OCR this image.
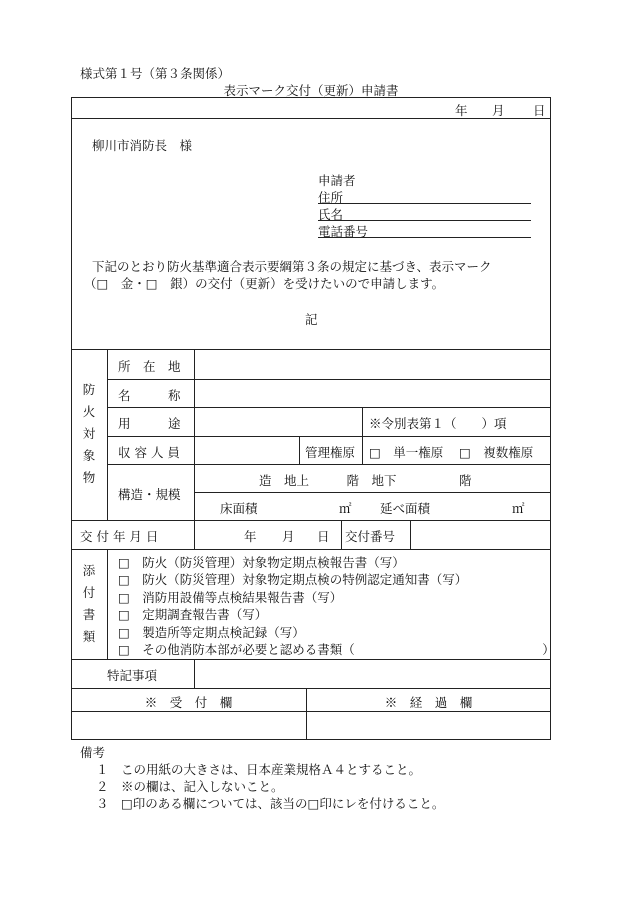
様式第１号（第３条関係）
表示マーク交付（更新）申請書
年 月 日
柳川市消防長　様
申請者
住所
氏名
電話番号
下記のとおり防火基準適合表示要綱第３条の規定に基づき、表示マーク
（□　金・□　銀）の交付（更新）を受けたいので申請します。
記
防
火
対
象
物
所　在　地
名　　　称
用　　　途	※令別表第１（　　）項
収 容 人 員	管理権原 □　単一権原 □　複数権原
構造・規模
造　地上　　　階　地下　　　　　階
床面積	㎡ 延べ面積	㎡
交 付 年 月 日	年 月 日 交付番号
添
付
書
類
□　防火（防災管理）対象物定期点検報告書（写）
□　防火（防災管理）対象物定期点検の特例認定通知書（写）
□　消防用設備等点検結果報告書（写）
□　定期調査報告書（写）
□　製造所等定期点検記録（写）
□　その他消防本部が必要と認める書類（　　　　　　　　　　　　　　　）
特記事項
※　受　付　欄	※　経　過　欄
備考
１　この用紙の大きさは、日本産業規格Ａ４とすること。
２　※の欄は、記入しないこと。
３　□印のある欄については、該当の□印にレを付けること。
